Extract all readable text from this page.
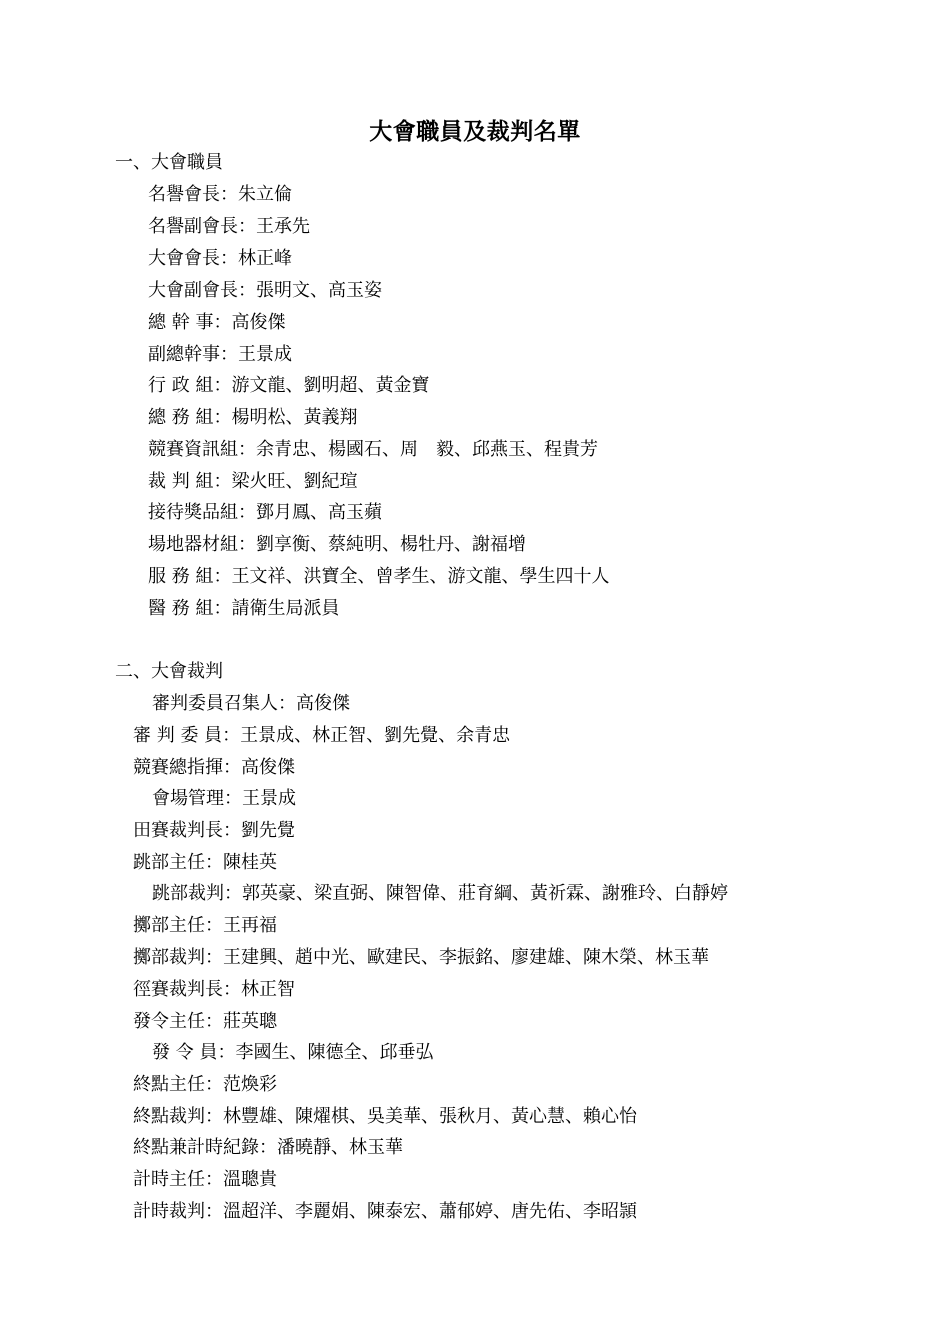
大會職員及裁判名單
一、大會職員
名譽會長：朱立倫
名譽副會長：王承先
大會會長：林正峰
大會副會長：張明文、高玉姿
總 幹 事：高俊傑
副總幹事：王景成
行 政 組：游文龍、劉明超、黃金寶
總 務 組：楊明松、黃義翔
競賽資訊組：余青忠、楊國石、周　毅、邱燕玉、程貴芳
裁 判 組：梁火旺、劉紀瑄
接待獎品組：鄧月鳳、高玉蘋
場地器材組：劉享衡、蔡純明、楊牡丹、謝福增
服 務 組：王文祥、洪寶全、曾孝生、游文龍、學生四十人
醫 務 組：請衛生局派員
二、大會裁判
審判委員召集人：高俊傑
審 判 委 員：王景成、林正智、劉先覺、余青忠
競賽總指揮：高俊傑
會場管理：王景成
田賽裁判長：劉先覺
跳部主任：陳桂英
跳部裁判：郭英豪、梁直弼、陳智偉、莊育綱、黃祈霖、謝雅玲、白靜婷
擲部主任：王再福
擲部裁判：王建興、趙中光、歐建民、李振銘、廖建雄、陳木榮、林玉華
徑賽裁判長：林正智
發令主任：莊英聰
發 令 員：李國生、陳德全、邱垂弘
終點主任：范煥彩
終點裁判：林豐雄、陳燿棋、吳美華、張秋月、黃心慧、賴心怡
終點兼計時紀錄：潘曉靜、林玉華
計時主任：溫聰貴
計時裁判：溫超洋、李麗娟、陳泰宏、蕭郁婷、唐先佑、李昭頴
